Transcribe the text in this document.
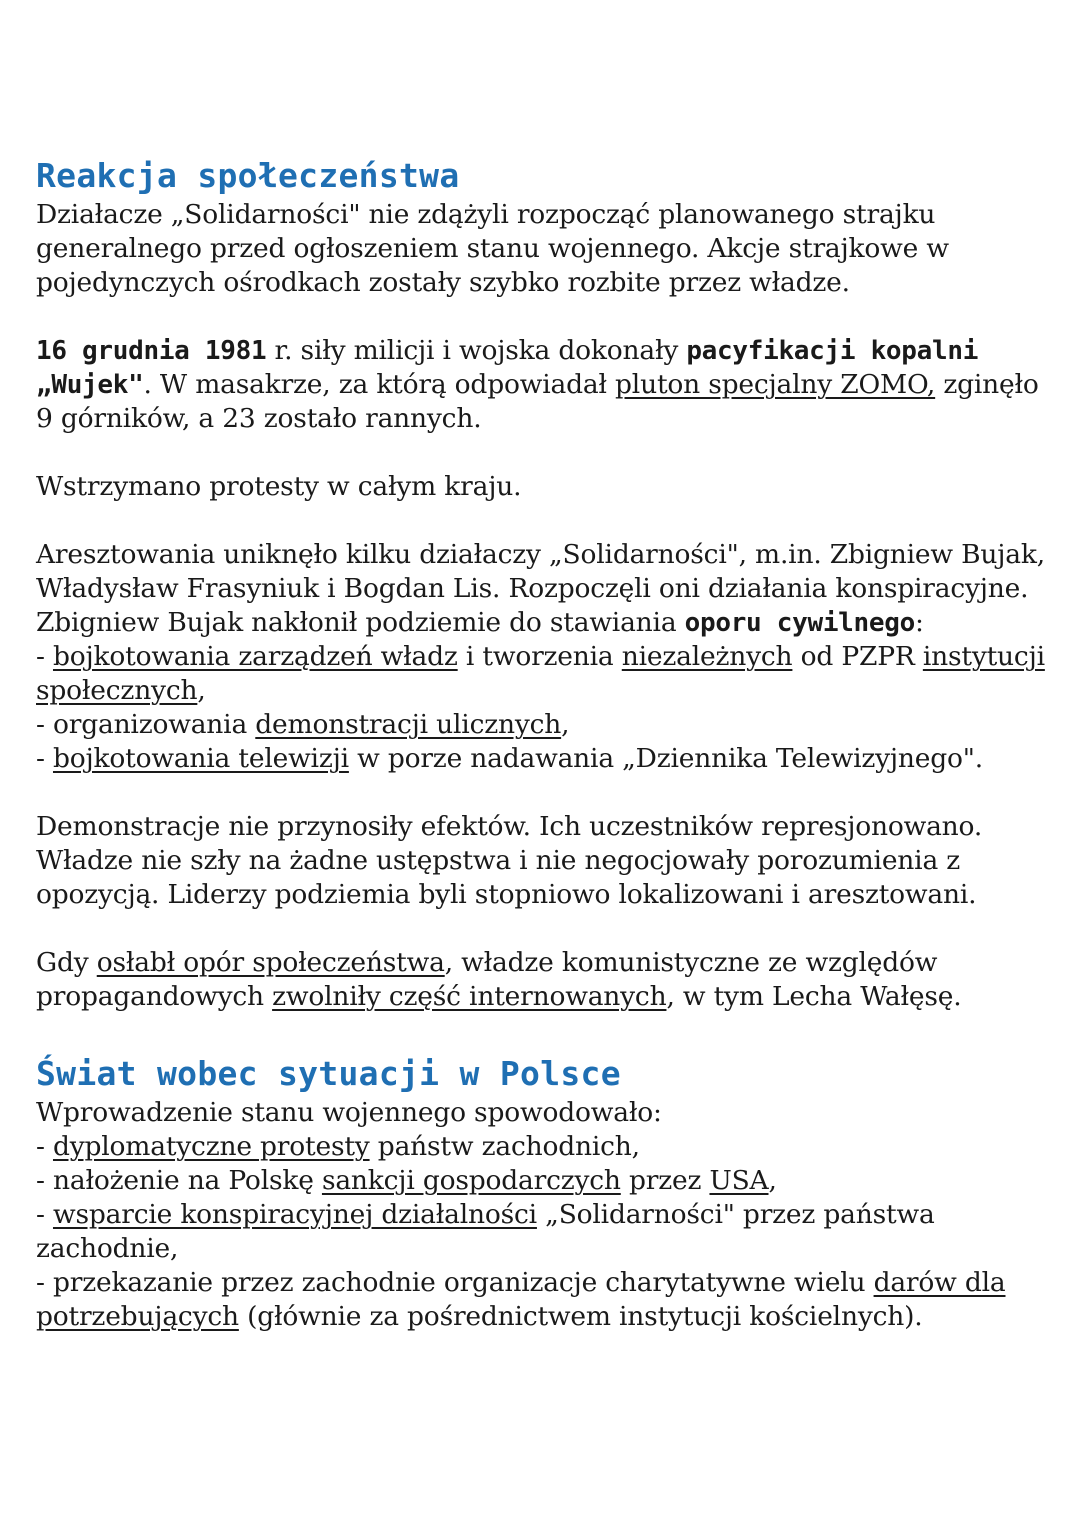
Reakcja społeczeństwa

Działacze „Solidarności" nie zdążyli rozpocząć planowanego strajku generalnego przed ogłoszeniem stanu wojennego. Akcje strajkowe w pojedynczych ośrodkach zostały szybko rozbite przez władze.

16 grudnia 1981 r. siły milicji i wojska dokonały pacyfikacji kopalni „Wujek". W masakrze, za którą odpowiadał pluton specjalny ZOMO, zginęło 9 górników, a 23 zostało rannych.

Wstrzymano protesty w całym kraju.

Aresztowania uniknęło kilku działaczy „Solidarności", m.in. Zbigniew Bujak, Władysław Frasyniuk i Bogdan Lis. Rozpoczęli oni działania konspiracyjne. Zbigniew Bujak nakłonił podziemie do stawiania oporu cywilnego:

- bojkotowania zarządzeń władz i tworzenia niezależnych od PZPR instytucji społecznych,
- organizowania demonstracji ulicznych,
- bojkotowania telewizji w porze nadawania „Dziennika Telewizyjnego".

Demonstracje nie przynosiły efektów. Ich uczestników represjonowano. Władze nie szły na żadne ustępstwa i nie negocjowały porozumienia z opozycją. Liderzy podziemia byli stopniowo lokalizowani i aresztowani.

Gdy osłabł opór społeczeństwa, władze komunistyczne ze względów propagandowych zwolniły część internowanych, w tym Lecha Wałęsę.

Świat wobec sytuacji w Polsce

Wprowadzenie stanu wojennego spowodowało:

- dyplomatyczne protesty państw zachodnich,
- nałożenie na Polskę sankcji gospodarczych przez USA,
- wsparcie konspiracyjnej działalności „Solidarności" przez państwa zachodnie,
- przekazanie przez zachodnie organizacje charytatywne wielu darów dla potrzebujących (głównie za pośrednictwem instytucji kościelnych).
